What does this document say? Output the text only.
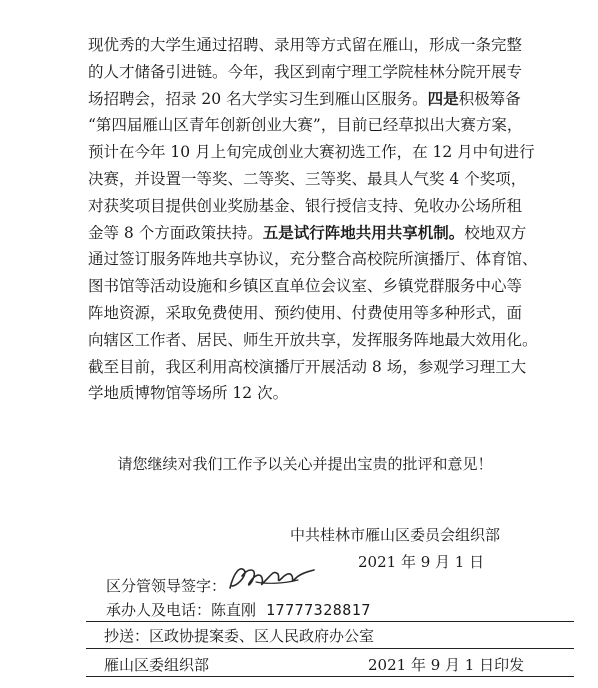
现优秀的大学生通过招聘、录用等方式留在雁山，形成一条完整
的人才储备引进链。今年，我区到南宁理工学院桂林分院开展专
场招聘会，招录 20 名大学实习生到雁山区服务。四是积极筹备
“第四届雁山区青年创新创业大赛”，目前已经草拟出大赛方案，
预计在今年 10 月上旬完成创业大赛初选工作，在 12 月中旬进行
决赛，并设置一等奖、二等奖、三等奖、最具人气奖 4 个奖项，
对获奖项目提供创业奖励基金、银行授信支持、免收办公场所租
金等 8 个方面政策扶持。五是试行阵地共用共享机制。校地双方
通过签订服务阵地共享协议，充分整合高校院所演播厅、体育馆、
图书馆等活动设施和乡镇区直单位会议室、乡镇党群服务中心等
阵地资源，采取免费使用、预约使用、付费使用等多种形式，面
向辖区工作者、居民、师生开放共享，发挥服务阵地最大效用化。
截至目前，我区利用高校演播厅开展活动 8 场，参观学习理工大
学地质博物馆等场所 12 次。
请您继续对我们工作予以关心并提出宝贵的批评和意见！
中共桂林市雁山区委员会组织部
2021 年 9 月 1 日
区分管领导签字：
承办人及电话：陈直刚 17777328817
抄送：区政协提案委、区人民政府办公室
雁山区委组织部	2021 年 9 月 1 日印发
